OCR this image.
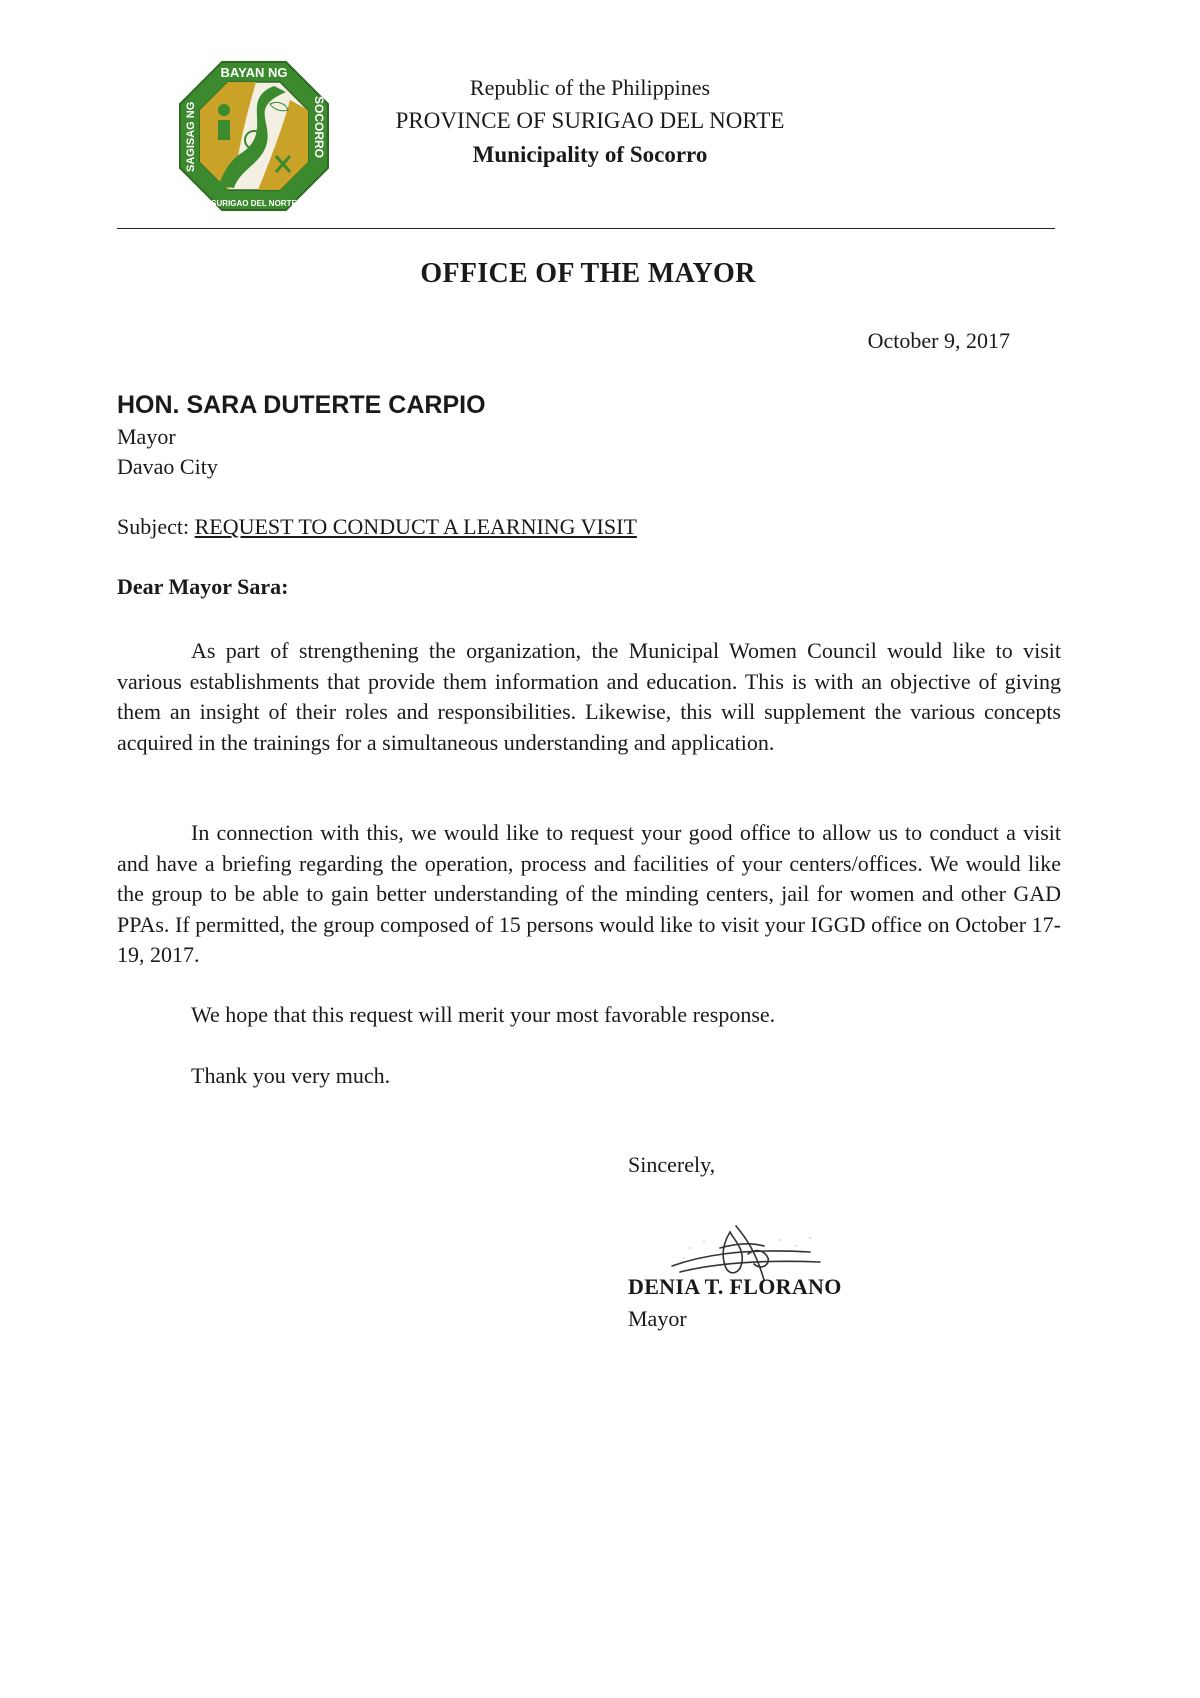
BAYAN NG
SURIGAO DEL NORTE
SAGISAG NG	SOCORRO
Republic of the Philippines
PROVINCE OF SURIGAO DEL NORTE
Municipality of Socorro
OFFICE OF THE MAYOR
October 9, 2017
HON. SARA DUTERTE CARPIO
Mayor
Davao City
Subject: REQUEST TO CONDUCT A LEARNING VISIT
Dear Mayor Sara:

As part of strengthening the organization, the Municipal Women Council would like to visit various establishments that provide them information and education. This is with an objective of giving them an insight of their roles and responsibilities. Likewise, this will supplement the various concepts acquired in the trainings for a simultaneous understanding and application.

In connection with this, we would like to request your good office to allow us to conduct a visit and have a briefing regarding the operation, process and facilities of your centers/offices. We would like the group to be able to gain better understanding of the minding centers, jail for women and other GAD PPAs. If permitted, the group composed of 15 persons would like to visit your IGGD office on October 17-19, 2017.

We hope that this request will merit your most favorable response.

Thank you very much.

Sincerely,
DENIA T. FLORANO
Mayor
